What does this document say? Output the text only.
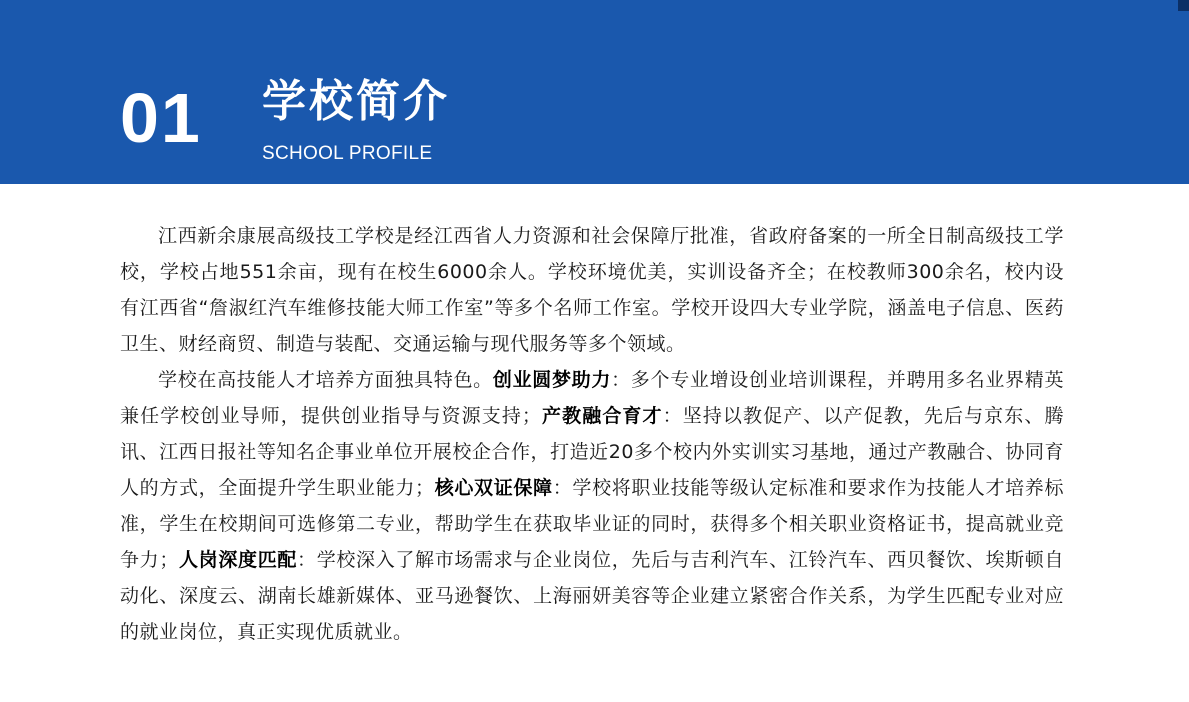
01 学校简介
SCHOOL PROFILE

江西新余康展高级技工学校是经江西省人力资源和社会保障厅批准，省政府备案的一所全日制高级技工学校，学校占地551余亩，现有在校生6000余人。学校环境优美，实训设备齐全；在校教师300余名，校内设有江西省“詹淑红汽车维修技能大师工作室”等多个名师工作室。学校开设四大专业学院，涵盖电子信息、医药卫生、财经商贸、制造与装配、交通运输与现代服务等多个领域。

学校在高技能人才培养方面独具特色。创业圆梦助力：多个专业增设创业培训课程，并聘用多名业界精英兼任学校创业导师，提供创业指导与资源支持；产教融合育才：坚持以教促产、以产促教，先后与京东、腾讯、江西日报社等知名企事业单位开展校企合作，打造近20多个校内外实训实习基地，通过产教融合、协同育人的方式，全面提升学生职业能力；核心双证保障：学校将职业技能等级认定标准和要求作为技能人才培养标准，学生在校期间可选修第二专业，帮助学生在获取毕业证的同时，获得多个相关职业资格证书，提高就业竞争力；人岗深度匹配：学校深入了解市场需求与企业岗位，先后与吉利汽车、江铃汽车、西贝餐饮、埃斯顿自动化、深度云、湖南长雄新媒体、亚马逊餐饮、上海丽妍美容等企业建立紧密合作关系，为学生匹配专业对应的就业岗位，真正实现优质就业。
